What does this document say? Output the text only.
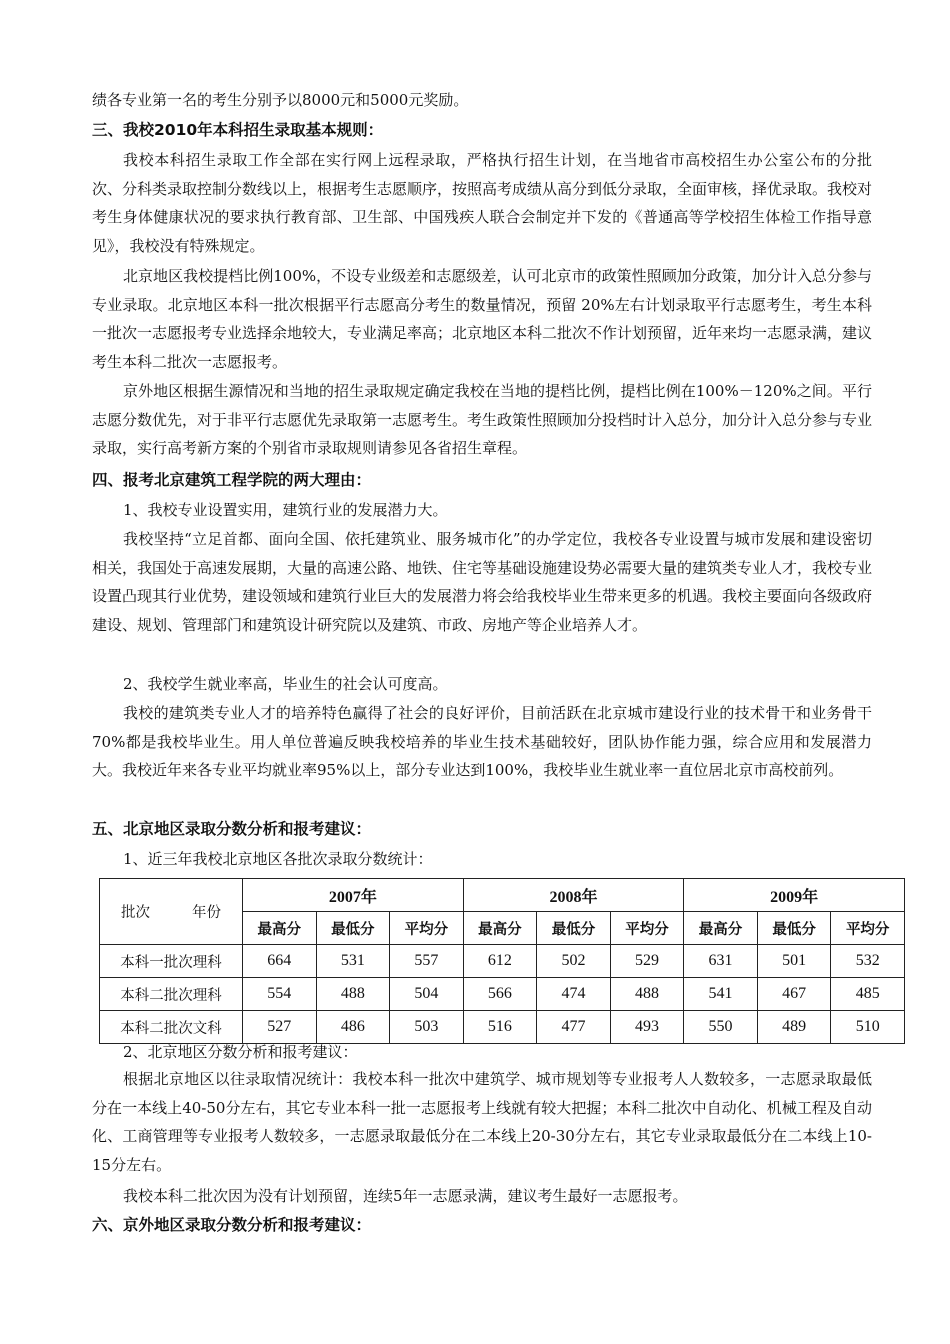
绩各专业第一名的考生分别予以8000元和5000元奖励。

三、我校2010年本科招生录取基本规则：

我校本科招生录取工作全部在实行网上远程录取，严格执行招生计划，在当地省市高校招生办公室公布的分批次、分科类录取控制分数线以上，根据考生志愿顺序，按照高考成绩从高分到低分录取，全面审核，择优录取。我校对考生身体健康状况的要求执行教育部、卫生部、中国残疾人联合会制定并下发的《普通高等学校招生体检工作指导意见》，我校没有特殊规定。

北京地区我校提档比例100%，不设专业级差和志愿级差，认可北京市的政策性照顾加分政策，加分计入总分参与专业录取。北京地区本科一批次根据平行志愿高分考生的数量情况，预留 20%左右计划录取平行志愿考生，考生本科一批次一志愿报考专业选择余地较大，专业满足率高；北京地区本科二批次不作计划预留，近年来均一志愿录满，建议考生本科二批次一志愿报考。

京外地区根据生源情况和当地的招生录取规定确定我校在当地的提档比例，提档比例在100%－120%之间。平行志愿分数优先，对于非平行志愿优先录取第一志愿考生。考生政策性照顾加分投档时计入总分，加分计入总分参与专业录取，实行高考新方案的个别省市录取规则请参见各省招生章程。

四、报考北京建筑工程学院的两大理由：

1、我校专业设置实用，建筑行业的发展潜力大。

我校坚持“立足首都、面向全国、依托建筑业、服务城市化”的办学定位，我校各专业设置与城市发展和建设密切相关，我国处于高速发展期，大量的高速公路、地铁、住宅等基础设施建设势必需要大量的建筑类专业人才，我校专业设置凸现其行业优势，建设领域和建筑行业巨大的发展潜力将会给我校毕业生带来更多的机遇。我校主要面向各级政府建设、规划、管理部门和建筑设计研究院以及建筑、市政、房地产等企业培养人才。

2、我校学生就业率高，毕业生的社会认可度高。

我校的建筑类专业人才的培养特色赢得了社会的良好评价，目前活跃在北京城市建设行业的技术骨干和业务骨干70%都是我校毕业生。用人单位普遍反映我校培养的毕业生技术基础较好，团队协作能力强，综合应用和发展潜力大。我校近年来各专业平均就业率95%以上，部分专业达到100%，我校毕业生就业率一直位居北京市高校前列。

五、北京地区录取分数分析和报考建议：

1、近三年我校北京地区各批次录取分数统计：

批次 年份	2007年			2008年			2009年		
	最高分	最低分	平均分	最高分	最低分	平均分	最高分	最低分	平均分
本科一批次理科	664	531	557	612	502	529	631	501	532
本科二批次理科	554	488	504	566	474	488	541	467	485
本科二批次文科	527	486	503	516	477	493	550	489	510

2、北京地区分数分析和报考建议：

根据北京地区以往录取情况统计：我校本科一批次中建筑学、城市规划等专业报考人人数较多，一志愿录取最低分在一本线上40-50分左右，其它专业本科一批一志愿报考上线就有较大把握；本科二批次中自动化、机械工程及自动化、工商管理等专业报考人数较多，一志愿录取最低分在二本线上20-30分左右，其它专业录取最低分在二本线上10-15分左右。

我校本科二批次因为没有计划预留，连续5年一志愿录满，建议考生最好一志愿报考。

六、京外地区录取分数分析和报考建议：
